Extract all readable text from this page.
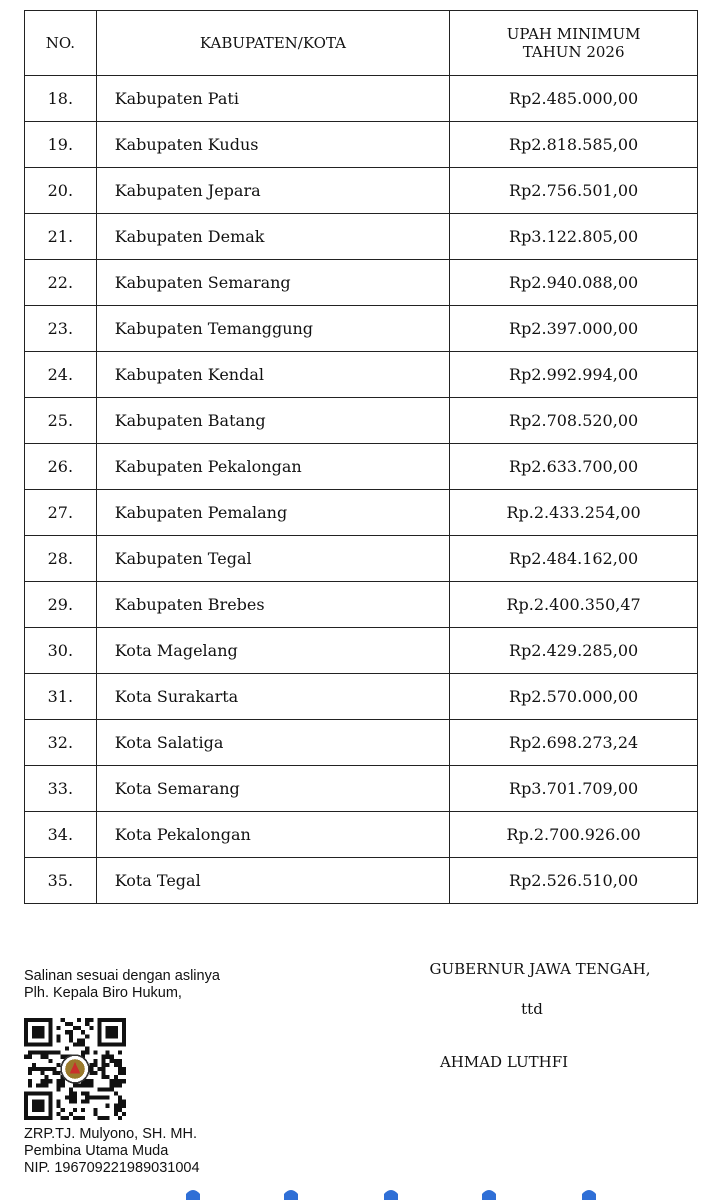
NO.	KABUPATEN/KOTA	UPAH MINIMUM
TAHUN 2026

18.	Kabupaten Pati	Rp2.485.000,00
19.	Kabupaten Kudus	Rp2.818.585,00
20.	Kabupaten Jepara	Rp2.756.501,00
21.	Kabupaten Demak	Rp3.122.805,00
22.	Kabupaten Semarang	Rp2.940.088,00
23.	Kabupaten Temanggung	Rp2.397.000,00
24.	Kabupaten Kendal	Rp2.992.994,00
25.	Kabupaten Batang	Rp2.708.520,00
26.	Kabupaten Pekalongan	Rp2.633.700,00
27.	Kabupaten Pemalang	Rp.2.433.254,00
28.	Kabupaten Tegal	Rp2.484.162,00
29.	Kabupaten Brebes	Rp.2.400.350,47
30.	Kota Magelang	Rp2.429.285,00
31.	Kota Surakarta	Rp2.570.000,00
32.	Kota Salatiga	Rp2.698.273,24
33.	Kota Semarang	Rp3.701.709,00
34.	Kota Pekalongan	Rp.2.700.926.00
35.	Kota Tegal	Rp2.526.510,00
Salinan sesuai dengan aslinya
Plh. Kepala Biro Hukum,
ZRP.TJ. Mulyono, SH. MH.
Pembina Utama Muda
NIP. 196709221989031004
GUBERNUR JAWA TENGAH,
ttd
AHMAD LUTHFI
